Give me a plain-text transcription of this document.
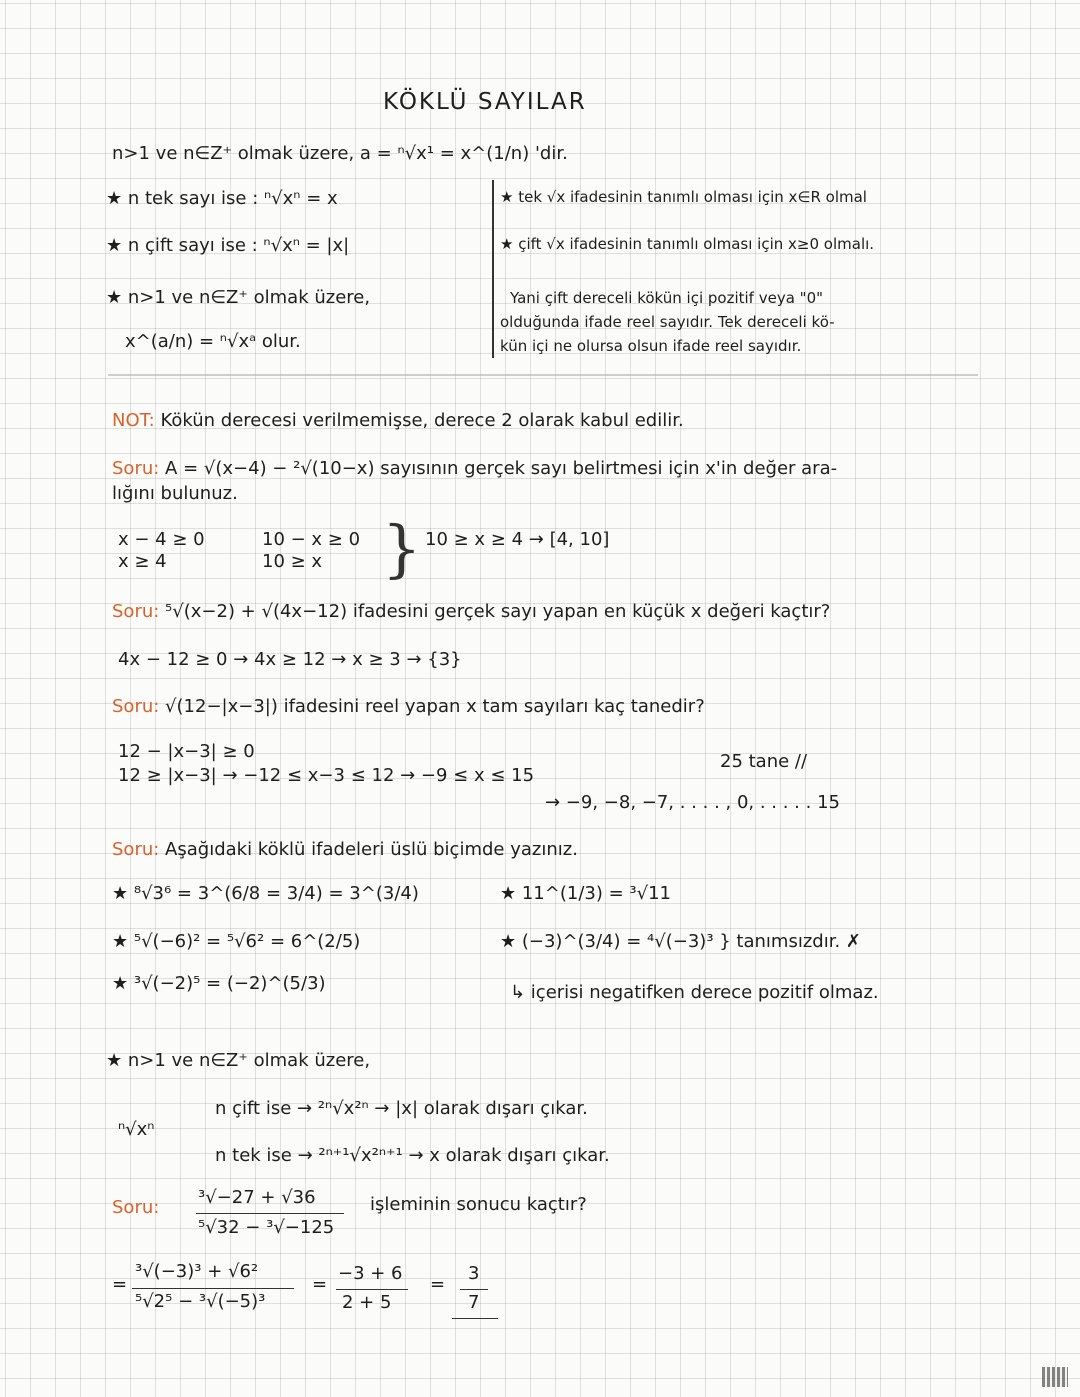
KÖKLÜ SAYILAR
n>1 ve n∈Z⁺ olmak üzere, a = ⁿ√x¹ = x^(1/n) 'dir.
★ n tek sayı ise : ⁿ√xⁿ = x
★ n çift sayı ise : ⁿ√xⁿ = |x|
★ n>1 ve n∈Z⁺ olmak üzere,
x^(a/n) = ⁿ√xᵃ olur.
★ tek √x ifadesinin tanımlı olması için x∈R olmal
★ çift √x ifadesinin tanımlı olması için x≥0 olmalı.
Yani çift dereceli kökün içi pozitif veya "0"
olduğunda ifade reel sayıdır. Tek dereceli kö-
kün içi ne olursa olsun ifade reel sayıdır.
NOT: Kökün derecesi verilmemişse, derece 2 olarak kabul edilir.
Soru: A = √(x−4) − ²√(10−x) sayısının gerçek sayı belirtmesi için x'in değer ara-
lığını bulunuz.
x − 4 ≥ 0
x ≥ 4
10 − x ≥ 0
10 ≥ x } 10 ≥ x ≥ 4 → [4, 10]
Soru: ⁵√(x−2) + √(4x−12) ifadesini gerçek sayı yapan en küçük x değeri kaçtır?
4x − 12 ≥ 0 → 4x ≥ 12 → x ≥ 3 → {3}
Soru: √(12−|x−3|) ifadesini reel yapan x tam sayıları kaç tanedir?
12 − |x−3| ≥ 0
12 ≥ |x−3| → −12 ≤ x−3 ≤ 12 → −9 ≤ x ≤ 15
25 tane //
→ −9, −8, −7, . . . . , 0, . . . . . 15
Soru: Aşağıdaki köklü ifadeleri üslü biçimde yazınız.
★ ⁸√3⁶ = 3^(6/8 = 3/4) = 3^(3/4)
★ ⁵√(−6)² = ⁵√6² = 6^(2/5)
★ ³√(−2)⁵ = (−2)^(5/3)
★ 11^(1/3) = ³√11
★ (−3)^(3/4) = ⁴√(−3)³ } tanımsızdır. ✗
↳ içerisi negatifken derece pozitif olmaz.
★ n>1 ve n∈Z⁺ olmak üzere,
ⁿ√xⁿ
n çift ise → ²ⁿ√x²ⁿ → |x| olarak dışarı çıkar.
n tek ise → ²ⁿ⁺¹√x²ⁿ⁺¹ → x olarak dışarı çıkar.
Soru: ³√−27 + √36
⁵√32 − ³√−125
işleminin sonucu kaçtır?
=
³√(−3)³ + √6²
⁵√2⁵ − ³√(−5)³
=
−3 + 6
2 + 5
=
3
7
